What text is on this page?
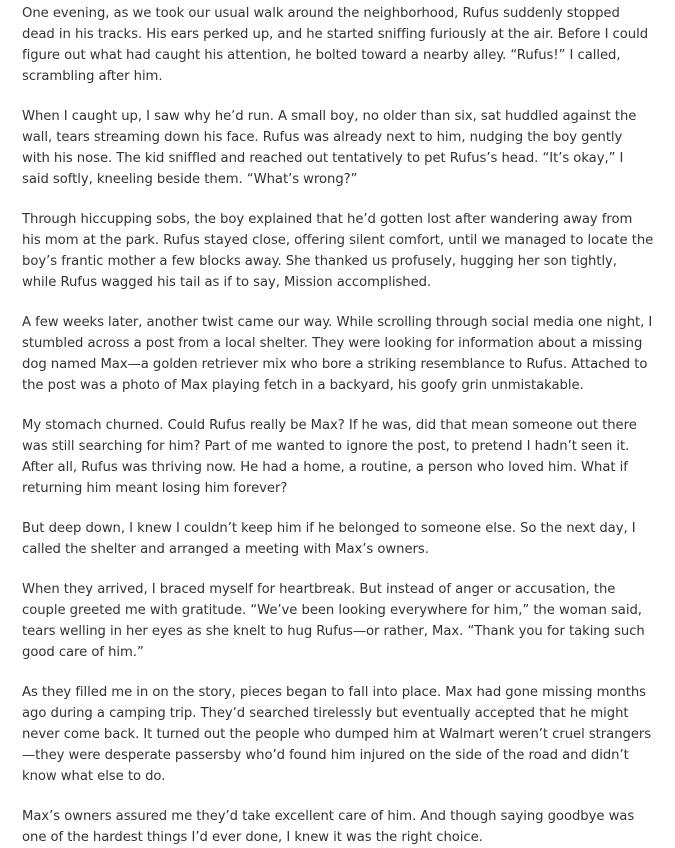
One evening, as we took our usual walk around the neighborhood, Rufus suddenly stopped dead in his tracks. His ears perked up, and he started sniffing furiously at the air. Before I could figure out what had caught his attention, he bolted toward a nearby alley. “Rufus!” I called, scrambling after him.

When I caught up, I saw why he’d run. A small boy, no older than six, sat huddled against the wall, tears streaming down his face. Rufus was already next to him, nudging the boy gently with his nose. The kid sniffled and reached out tentatively to pet Rufus’s head. “It’s okay,” I said softly, kneeling beside them. “What’s wrong?”

Through hiccupping sobs, the boy explained that he’d gotten lost after wandering away from his mom at the park. Rufus stayed close, offering silent comfort, until we managed to locate the boy’s frantic mother a few blocks away. She thanked us profusely, hugging her son tightly, while Rufus wagged his tail as if to say, Mission accomplished.

A few weeks later, another twist came our way. While scrolling through social media one night, I stumbled across a post from a local shelter. They were looking for information about a missing dog named Max—a golden retriever mix who bore a striking resemblance to Rufus. Attached to the post was a photo of Max playing fetch in a backyard, his goofy grin unmistakable.

My stomach churned. Could Rufus really be Max? If he was, did that mean someone out there was still searching for him? Part of me wanted to ignore the post, to pretend I hadn’t seen it. After all, Rufus was thriving now. He had a home, a routine, a person who loved him. What if returning him meant losing him forever?

But deep down, I knew I couldn’t keep him if he belonged to someone else. So the next day, I called the shelter and arranged a meeting with Max’s owners.

When they arrived, I braced myself for heartbreak. But instead of anger or accusation, the couple greeted me with gratitude. “We’ve been looking everywhere for him,” the woman said, tears welling in her eyes as she knelt to hug Rufus—or rather, Max. “Thank you for taking such good care of him.”

As they filled me in on the story, pieces began to fall into place. Max had gone missing months ago during a camping trip. They’d searched tirelessly but eventually accepted that he might never come back. It turned out the people who dumped him at Walmart weren’t cruel strangers—they were desperate passersby who’d found him injured on the side of the road and didn’t know what else to do.

Max’s owners assured me they’d take excellent care of him. And though saying goodbye was one of the hardest things I’d ever done, I knew it was the right choice.
